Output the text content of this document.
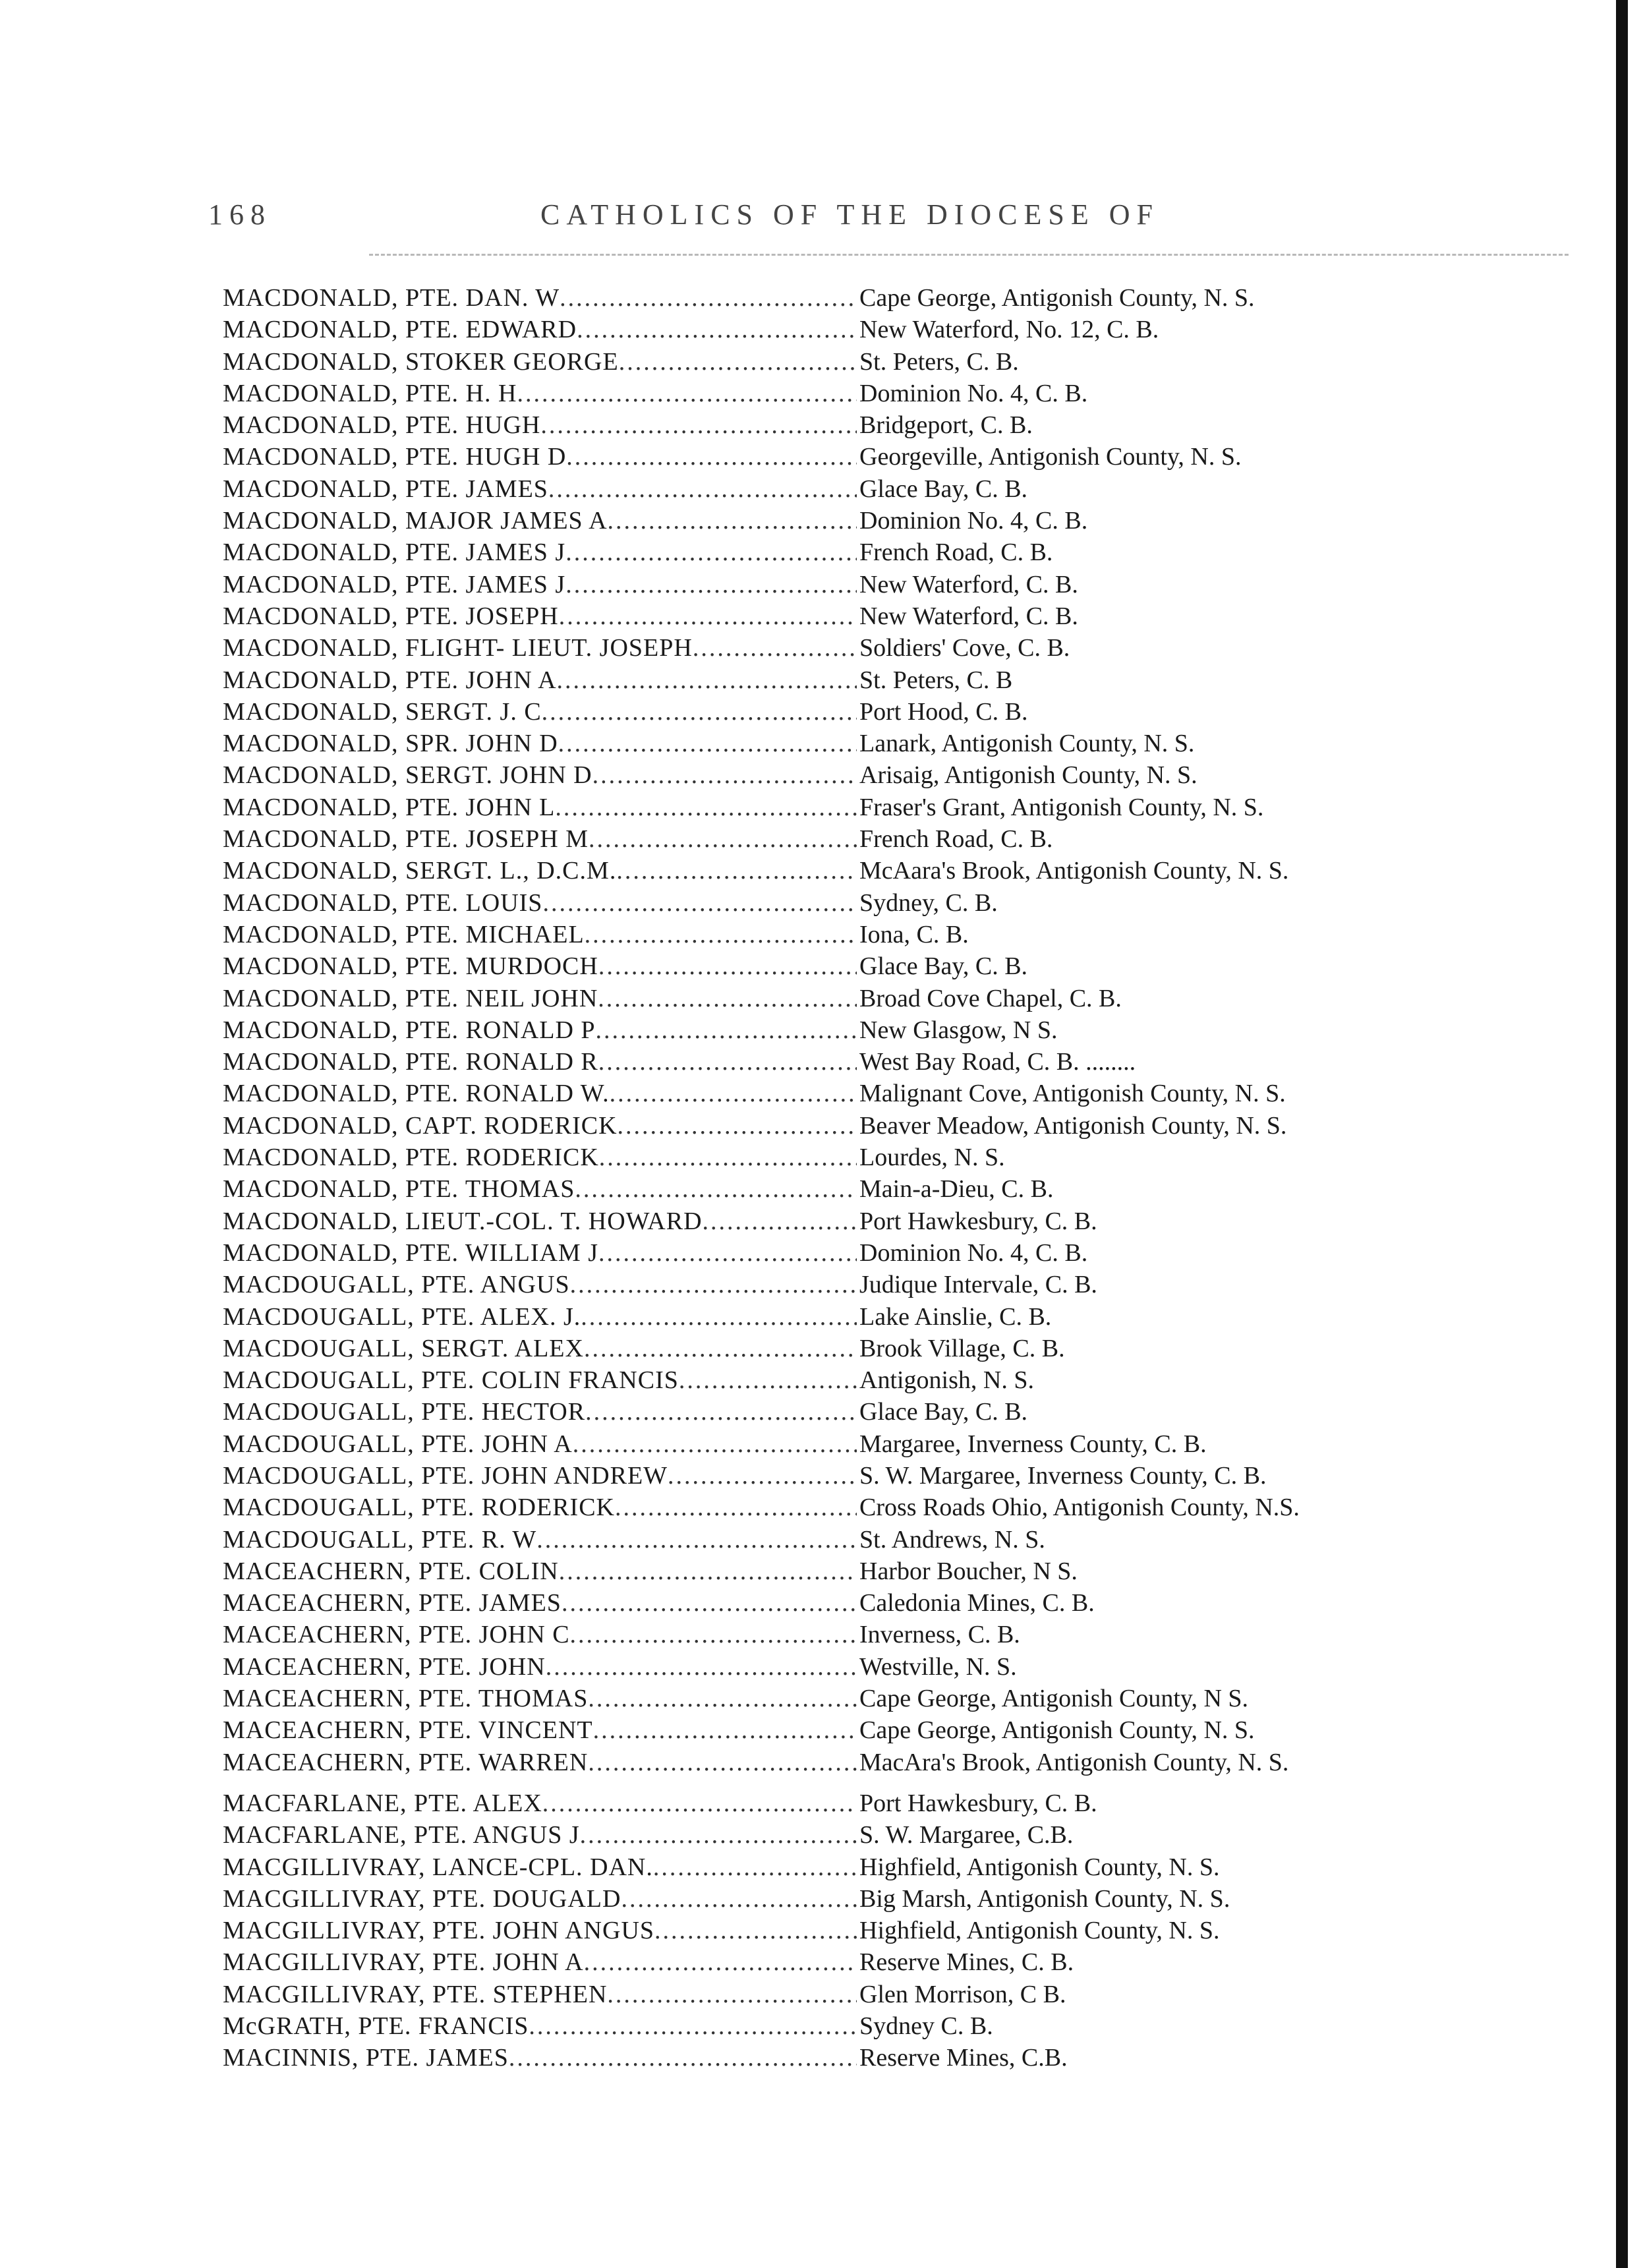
168	CATHOLICS OF THE DIOCESE OF
MACDONALD, PTE. DAN. W .....	Cape George, Antigonish County, N. S.
MACDONALD, PTE. EDWARD .....	New Waterford, No. 12, C. B.
MACDONALD, STOKER GEORGE .....	St. Peters, C. B.
MACDONALD, PTE. H. H .....	Dominion No. 4, C. B.
MACDONALD, PTE. HUGH .....	Bridgeport, C. B.
MACDONALD, PTE. HUGH D .....	Georgeville, Antigonish County, N. S.
MACDONALD, PTE. JAMES .....	Glace Bay, C. B.
MACDONALD, MAJOR JAMES A .....	Dominion No. 4, C. B.
MACDONALD, PTE. JAMES J .....	French Road, C. B.
MACDONALD, PTE. JAMES J .....	New Waterford, C. B.
MACDONALD, PTE. JOSEPH .....	New Waterford, C. B.
MACDONALD, FLIGHT- LIEUT. JOSEPH .....	Soldiers' Cove, C. B.
MACDONALD, PTE. JOHN A .....	St. Peters, C. B
MACDONALD, SERGT. J. C .....	Port Hood, C. B.
MACDONALD, SPR. JOHN D .....	Lanark, Antigonish County, N. S.
MACDONALD, SERGT. JOHN D .....	Arisaig, Antigonish County, N. S.
MACDONALD, PTE. JOHN L .....	Fraser's Grant, Antigonish County, N. S.
MACDONALD, PTE. JOSEPH M .....	French Road, C. B.
MACDONALD, SERGT. L., D.C.M. .....	McAara's Brook, Antigonish County, N. S.
MACDONALD, PTE. LOUIS .....	Sydney, C. B.
MACDONALD, PTE. MICHAEL .....	Iona, C. B.
MACDONALD, PTE. MURDOCH .....	Glace Bay, C. B.
MACDONALD, PTE. NEIL JOHN .....	Broad Cove Chapel, C. B.
MACDONALD, PTE. RONALD P .....	New Glasgow, N S.
MACDONALD, PTE. RONALD R .....	West Bay Road, C. B. ........
MACDONALD, PTE. RONALD W. .....	Malignant Cove, Antigonish County, N. S.
MACDONALD, CAPT. RODERICK .....	Beaver Meadow, Antigonish County, N. S.
MACDONALD, PTE. RODERICK .....	Lourdes, N. S.
MACDONALD, PTE. THOMAS .....	Main-a-Dieu, C. B.
MACDONALD, LIEUT.-COL. T. HOWARD .....	Port Hawkesbury, C. B.
MACDONALD, PTE. WILLIAM J .....	Dominion No. 4, C. B.
MACDOUGALL, PTE. ANGUS .....	Judique Intervale, C. B.
MACDOUGALL, PTE. ALEX. J. .....	Lake Ainslie, C. B.
MACDOUGALL, SERGT. ALEX .....	Brook Village, C. B.
MACDOUGALL, PTE. COLIN FRANCIS .....	Antigonish, N. S.
MACDOUGALL, PTE. HECTOR .....	Glace Bay, C. B.
MACDOUGALL, PTE. JOHN A .....	Margaree, Inverness County, C. B.
MACDOUGALL, PTE. JOHN ANDREW .....	S. W. Margaree, Inverness County, C. B.
MACDOUGALL, PTE. RODERICK .....	Cross Roads Ohio, Antigonish County, N.S.
MACDOUGALL, PTE. R. W .....	St. Andrews, N. S.
MACEACHERN, PTE. COLIN .....	Harbor Boucher, N S.
MACEACHERN, PTE. JAMES .....	Caledonia Mines, C. B.
MACEACHERN, PTE. JOHN C .....	Inverness, C. B.
MACEACHERN, PTE. JOHN .....	Westville, N. S.
MACEACHERN, PTE. THOMAS .....	Cape George, Antigonish County, N S.
MACEACHERN, PTE. VINCENT .....	Cape George, Antigonish County, N. S.
MACEACHERN, PTE. WARREN .....	MacAra's Brook, Antigonish County, N. S.
MACFARLANE, PTE. ALEX .....	Port Hawkesbury, C. B.
MACFARLANE, PTE. ANGUS J .....	S. W. Margaree, C.B.
MACGILLIVRAY, LANCE-CPL. DAN. .....	Highfield, Antigonish County, N. S.
MACGILLIVRAY, PTE. DOUGALD .....	Big Marsh, Antigonish County, N. S.
MACGILLIVRAY, PTE. JOHN ANGUS .....	Highfield, Antigonish County, N. S.
MACGILLIVRAY, PTE. JOHN A .....	Reserve Mines, C. B.
MACGILLIVRAY, PTE. STEPHEN .....	Glen Morrison, C B.
McGRATH, PTE. FRANCIS .....	Sydney C. B.
MACINNIS, PTE. JAMES .....	Reserve Mines, C.B.
